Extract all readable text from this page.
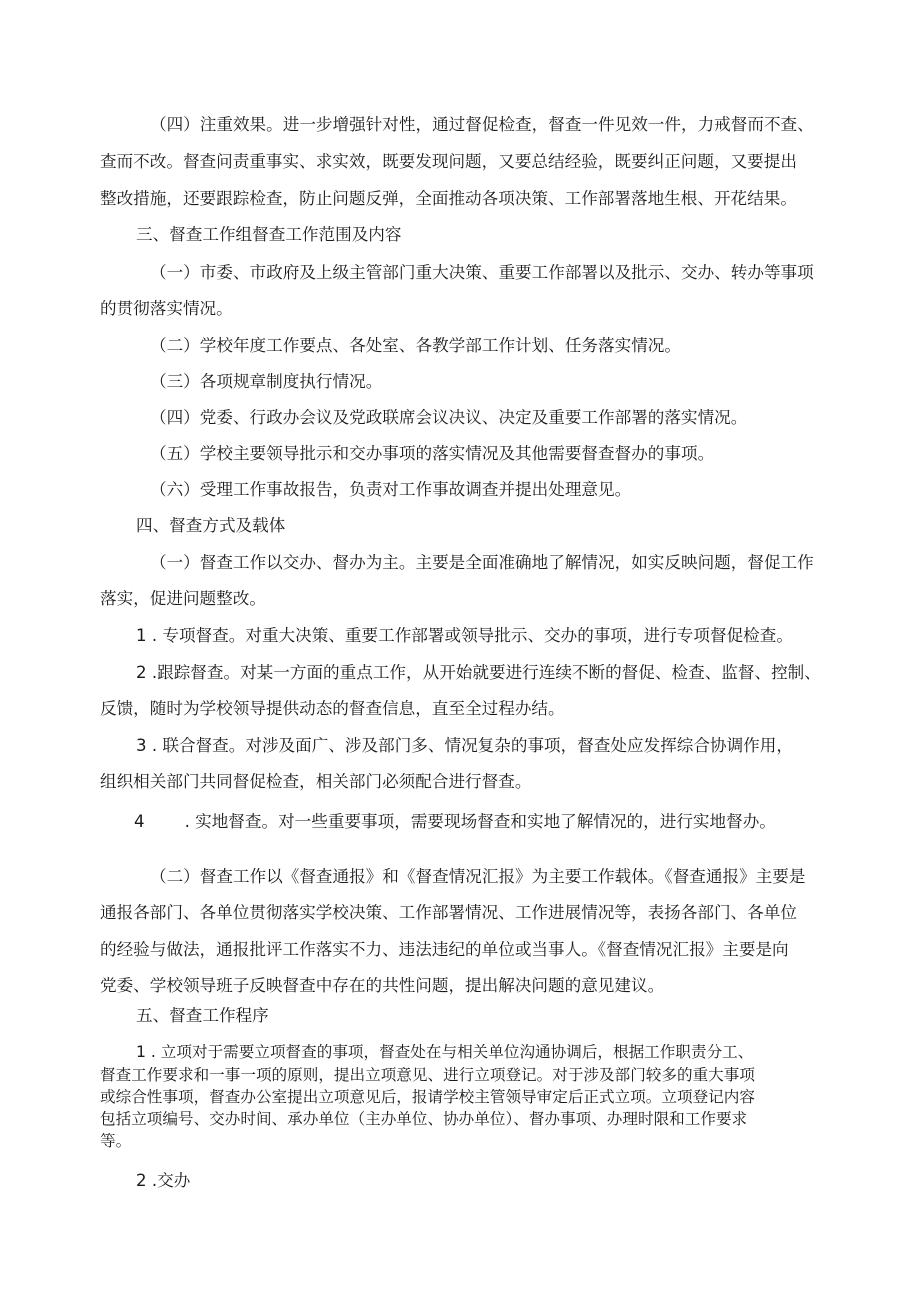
（四）注重效果。进一步增强针对性，通过督促检查，督查一件见效一件，力戒督而不查、
查而不改。督查问责重事实、求实效，既要发现问题，又要总结经验，既要纠正问题，又要提出
整改措施，还要跟踪检查，防止问题反弹，全面推动各项决策、工作部署落地生根、开花结果。
三、督查工作组督查工作范围及内容
（一）市委、市政府及上级主管部门重大决策、重要工作部署以及批示、交办、转办等事项
的贯彻落实情况。
（二）学校年度工作要点、各处室、各教学部工作计划、任务落实情况。
（三）各项规章制度执行情况。
（四）党委、行政办会议及党政联席会议决议、决定及重要工作部署的落实情况。
（五）学校主要领导批示和交办事项的落实情况及其他需要督查督办的事项。
（六）受理工作事故报告，负责对工作事故调查并提出处理意见。
四、督查方式及载体
（一）督查工作以交办、督办为主。主要是全面准确地了解情况，如实反映问题，督促工作
落实，促进问题整改。
1 . 专项督查。对重大决策、重要工作部署或领导批示、交办的事项，进行专项督促检查。
2 .跟踪督查。对某一方面的重点工作，从开始就要进行连续不断的督促、检查、监督、控制、
反馈，随时为学校领导提供动态的督查信息，直至全过程办结。
3 . 联合督查。对涉及面广、涉及部门多、情况复杂的事项，督查处应发挥综合协调作用，
组织相关部门共同督促检查，相关部门必须配合进行督查。
4 . 实地督查。对一些重要事项，需要现场督查和实地了解情况的，进行实地督办。
（二）督查工作以《督查通报》和《督查情况汇报》为主要工作载体。《督查通报》主要是
通报各部门、各单位贯彻落实学校决策、工作部署情况、工作进展情况等，表扬各部门、各单位
的经验与做法，通报批评工作落实不力、违法违纪的单位或当事人。《督查情况汇报》主要是向
党委、学校领导班子反映督查中存在的共性问题，提出解决问题的意见建议。
五、督查工作程序
1 . 立项对于需要立项督查的事项，督查处在与相关单位沟通协调后，根据工作职责分工、
督查工作要求和一事一项的原则，提出立项意见、进行立项登记。对于涉及部门较多的重大事项
或综合性事项，督查办公室提出立项意见后，报请学校主管领导审定后正式立项。立项登记内容
包括立项编号、交办时间、承办单位（主办单位、协办单位）、督办事项、办理时限和工作要求
等。
2 .交办
